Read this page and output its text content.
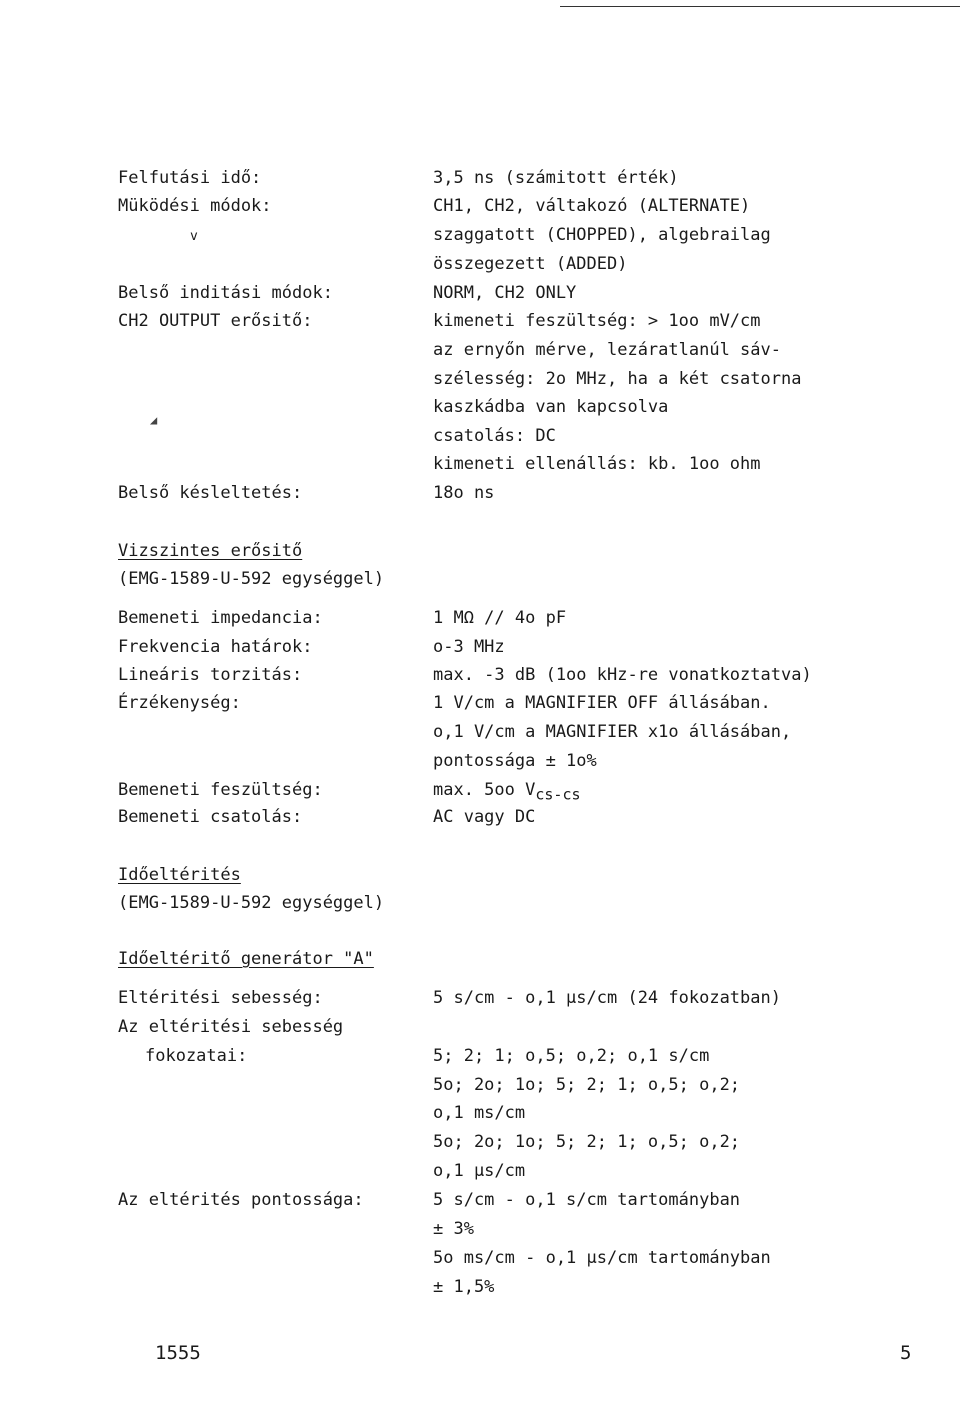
Felfutási idő:
Müködési módok:
v
Belső inditási módok:
CH2 OUTPUT erősitő:
Belső késleltetés:
3,5 ns (számitott érték)
CH1, CH2, váltakozó (ALTERNATE)
szaggatott (CHOPPED), algebrailag
összegezett (ADDED)
NORM, CH2 ONLY
kimeneti feszültség: > 1oo mV/cm
az ernyőn mérve, lezáratlanúl sáv-
szélesség: 2o MHz, ha a két csatorna
kaszkádba van kapcsolva
csatolás: DC
kimeneti ellenállás: kb. 1oo ohm
18o ns
◢
Vizszintes erősitő
(EMG-1589-U-592 egységgel)
Bemeneti impedancia:
Frekvencia határok:
Lineáris torzitás:
Érzékenység:
Bemeneti feszültség:
Bemeneti csatolás:
1 MΩ // 4o pF
o-3 MHz
max. -3 dB (1oo kHz-re vonatkoztatva)
1 V/cm a MAGNIFIER OFF állásában.
o,1 V/cm a MAGNIFIER x1o állásában,
pontossága ± 1o%
max. 5oo $V_{cs-cs}$
AC vagy DC
Időeltérités
(EMG-1589-U-592 egységgel)
Időeltéritő generátor "A"
Eltéritési sebesség:
Az eltéritési sebesség
fokozatai:
Az eltérités pontossága:
5 s/cm - o,1 μs/cm (24 fokozatban)
5; 2; 1; o,5; o,2; o,1 s/cm
5o; 2o; 1o; 5; 2; 1; o,5; o,2;
o,1 ms/cm
5o; 2o; 1o; 5; 2; 1; o,5; o,2;
o,1 μs/cm
5 s/cm - o,1 s/cm tartományban
± 3%
5o ms/cm - o,1 μs/cm tartományban
± 1,5%
1555	5
